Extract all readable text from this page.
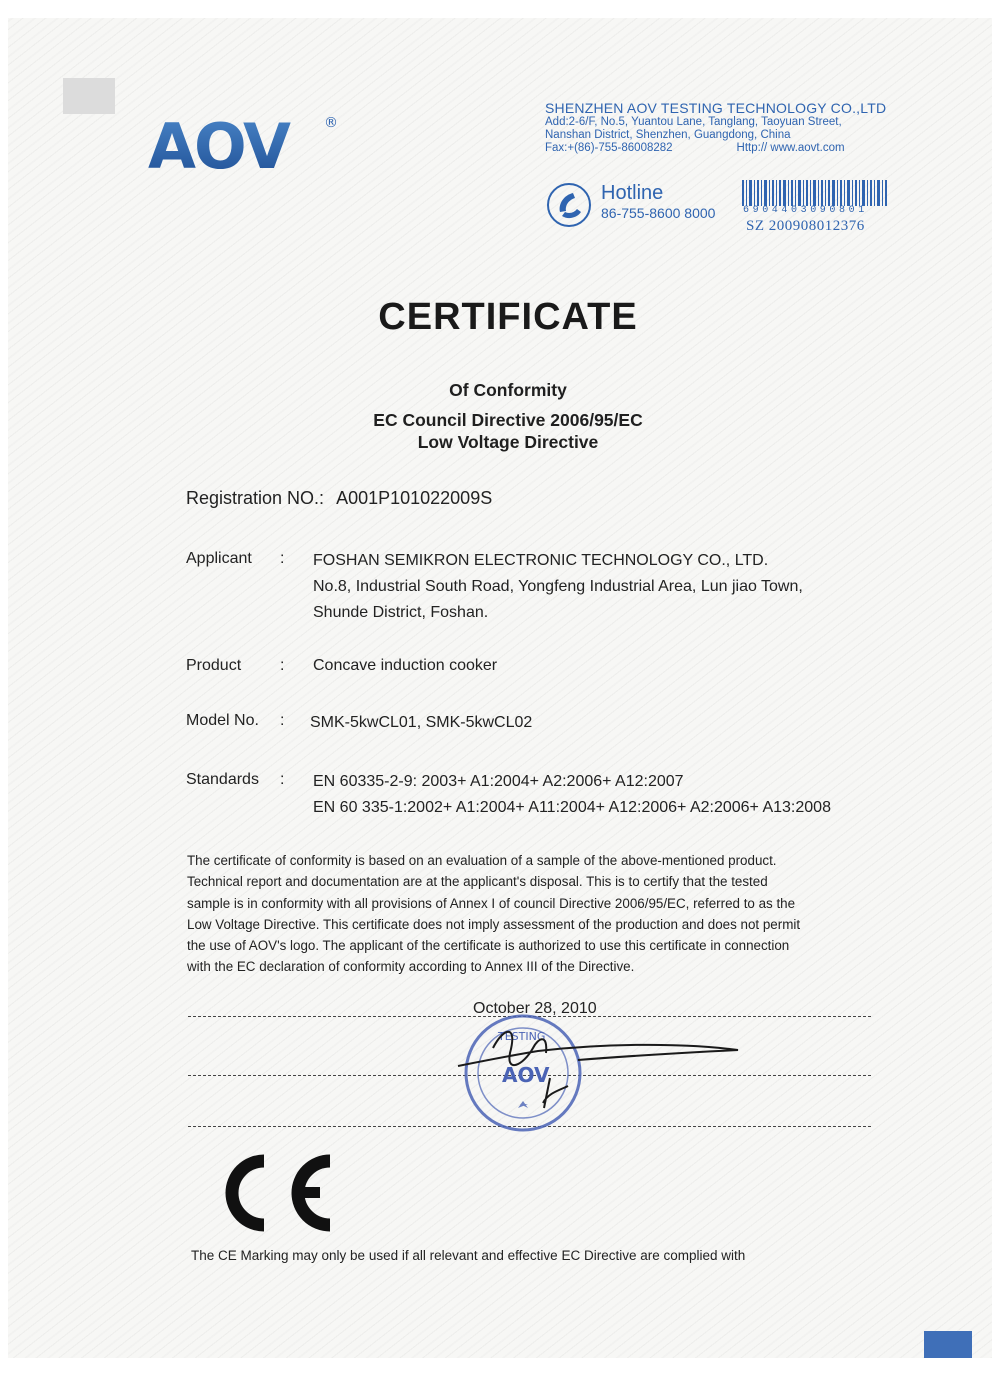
AOV ®
SHENZHEN AOV TESTING TECHNOLOGY CO.,LTD
Add:2-6/F, No.5, Yuantou Lane, Tanglang, Taoyuan Street,
Nanshan District, Shenzhen, Guangdong, China
Fax:+(86)-755-86008282	Http:// www.aovt.com
Hotline
86-755-8600 8000	6904403090801
SZ 200908012376
CERTIFICATE
Of Conformity
EC Council Directive 2006/95/EC
Low Voltage Directive
Registration NO.: A001P101022009S
Applicant : FOSHAN SEMIKRON ELECTRONIC TECHNOLOGY CO., LTD.
No.8, Industrial South Road, Yongfeng Industrial Area, Lun jiao Town,
Shunde District, Foshan.
Product : Concave induction cooker
Model No. : SMK-5kwCL01, SMK-5kwCL02
Standards : EN 60335-2-9: 2003+ A1:2004+ A2:2006+ A12:2007
EN 60 335-1:2002+ A1:2004+ A11:2004+ A12:2006+ A2:2006+ A13:2008
The certificate of conformity is based on an evaluation of a sample of the above-mentioned product.
Technical report and documentation are at the applicant's disposal. This is to certify that the tested
sample is in conformity with all provisions of Annex I of council Directive 2006/95/EC, referred to as the
Low Voltage Directive. This certificate does not imply assessment of the production and does not permit
the use of AOV's logo. The applicant of the certificate is authorized to use this certificate in connection
with the EC declaration of conformity according to Annex III of the Directive.
October 28, 2010
TESTING
AOV
The CE Marking may only be used if all relevant and effective EC Directive are complied with
